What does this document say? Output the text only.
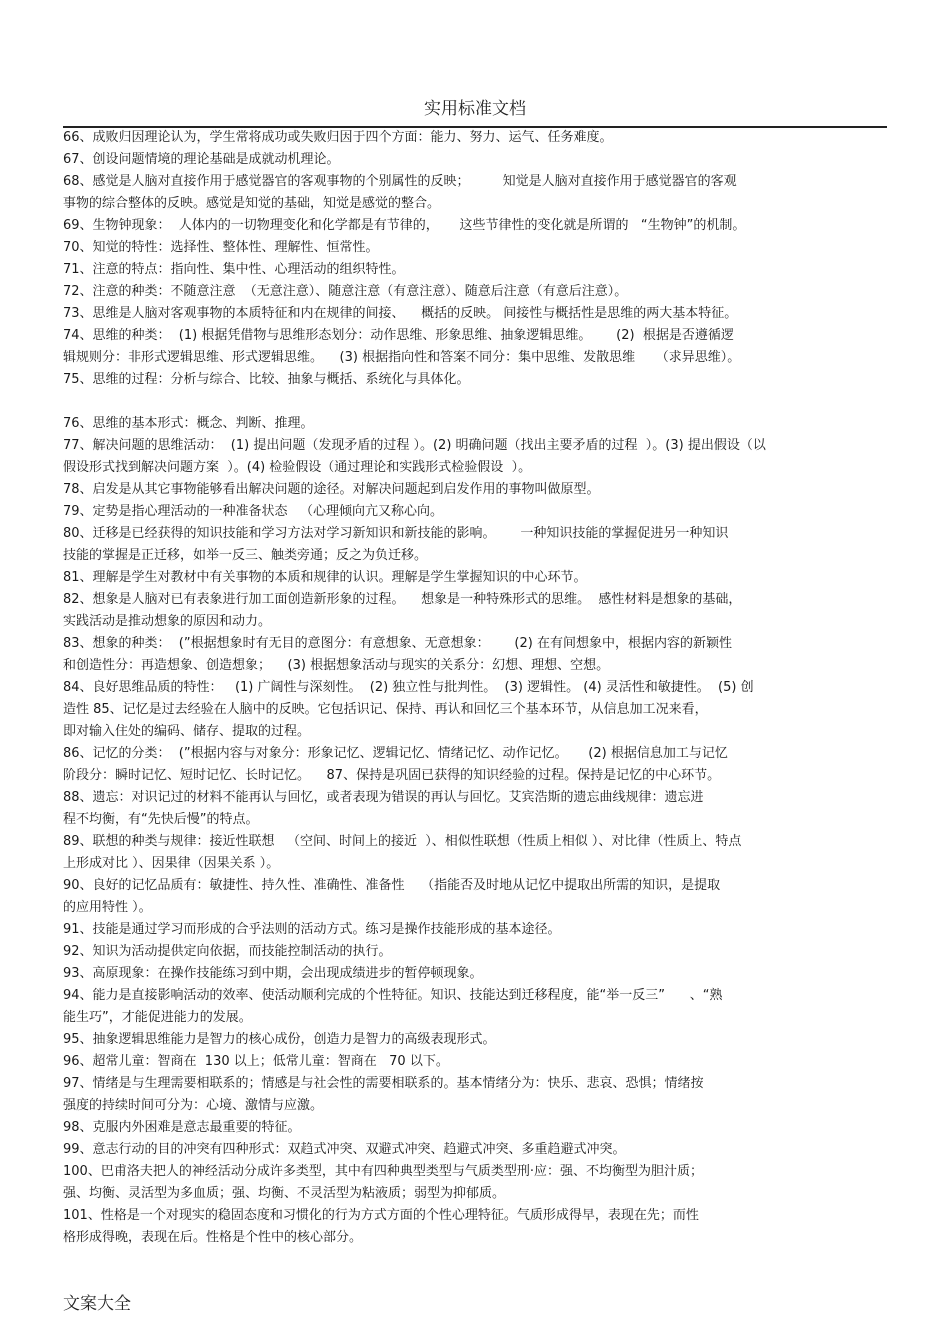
实用标准文档
66、成败归因理论认为，学生常将成功或失败归因于四个方面：能力、努力、运气、任务难度。
67、创设问题情境的理论基础是成就动机理论。
68、感觉是人脑对直接作用于感觉器官的客观事物的个别属性的反映；        知觉是人脑对直接作用于感觉器官的客观
事物的综合整体的反映。感觉是知觉的基础，知觉是感觉的整合。
69、生物钟现象：  人体内的一切物理变化和化学都是有节律的，     这些节律性的变化就是所谓的   “生物钟”的机制。
70、知觉的特性：选择性、整体性、理解性、恒常性。
71、注意的特点：指向性、集中性、心理活动的组织特性。
72、注意的种类：不随意注意  （无意注意）、随意注意（有意注意）、随意后注意（有意后注意）。
73、思维是人脑对客观事物的本质特征和内在规律的间接、    概括的反映。 间接性与概括性是思维的两大基本特征。
74、思维的种类：  (1) 根据凭借物与思维形态划分：动作思维、形象思维、抽象逻辑思维。      (2)  根据是否遵循逻
辑规则分：非形式逻辑思维、形式逻辑思维。    (3) 根据指向性和答案不同分：集中思维、发散思维     （求异思维）。
75、思维的过程：分析与综合、比较、抽象与概括、系统化与具体化。
76、思维的基本形式：概念、判断、推理。
77、解决问题的思维活动：  (1) 提出问题（发现矛盾的过程 ）。(2) 明确问题（找出主要矛盾的过程  ）。(3) 提出假设（以
假设形式找到解决问题方案  ）。(4) 检验假设（通过理论和实践形式检验假设  ）。
78、启发是从其它事物能够看出解决问题的途径。对解决问题起到启发作用的事物叫做原型。
79、定势是指心理活动的一种准备状态   （心理倾向亢又称心向。
80、迁移是已经获得的知识技能和学习方法对学习新知识和新技能的影响。      一种知识技能的掌握促进另一种知识
技能的掌握是正迁移，如举一反三、触类旁通；反之为负迁移。
81、理解是学生对教材中有关事物的本质和规律的认识。理解是学生掌握知识的中心环节。
82、想象是人脑对已有表象进行加工面创造新形象的过程。    想象是一种特殊形式的思维。  感性材料是想象的基础，
实践活动是推动想象的原因和动力。
83、想象的种类：  (”根据想象时有无目的意图分：有意想象、无意想象：      (2) 在有间想象中，根据内容的新颖性
和创造性分：再造想象、创造想象；    (3) 根据想象活动与现实的关系分：幻想、理想、空想。
84、良好思维品质的特性：   (1) 广阔性与深刻性。  (2) 独立性与批判性。  (3) 逻辑性。 (4) 灵活性和敏捷性。  (5) 创
造性 85、记忆是过去经验在人脑中的反映。它包括识记、保持、再认和回忆三个基本环节，从信息加工况来看，
即对输入住处的编码、储存、提取的过程。
86、记忆的分类：  (”根据内容与对象分：形象记忆、逻辑记忆、情绪记忆、动作记忆。     (2) 根据信息加工与记忆
阶段分：瞬时记忆、短时记忆、长时记忆。    87、保持是巩固已获得的知识经验的过程。保持是记忆的中心环节。
88、遗忘：对识记过的材料不能再认与回忆，或者表现为错误的再认与回忆。艾宾浩斯的遗忘曲线规律：遗忘进
程不均衡，有“先快后慢”的特点。
89、联想的种类与规律：接近性联想   （空间、时间上的接近  ）、相似性联想（性质上相似 ）、对比律（性质上、特点
上形成对比 ）、因果律（因果关系 ）。
90、良好的记忆品质有：敏捷性、持久性、准确性、准备性    （指能否及时地从记忆中提取出所需的知识，是提取
的应用特性 ）。
91、技能是通过学习而形成的合乎法则的活动方式。练习是操作技能形成的基本途径。
92、知识为活动提供定向依据，而技能控制活动的执行。
93、高原现象：在操作技能练习到中期，会出现成绩进步的暂停顿现象。
94、能力是直接影响活动的效率、使活动顺利完成的个性特征。知识、技能达到迁移程度，能“举一反三”      、“熟
能生巧”，才能促进能力的发展。
95、抽象逻辑思维能力是智力的核心成份，创造力是智力的高级表现形式。
96、超常儿童：智商在  130 以上；低常儿童：智商在   70 以下。
97、情绪是与生理需要相联系的；情感是与社会性的需要相联系的。基本情绪分为：快乐、悲哀、恐惧；情绪按
强度的持续时间可分为：心境、激情与应激。
98、克服内外困难是意志最重要的特征。
99、意志行动的目的冲突有四种形式：双趋式冲突、双避式冲突、趋避式冲突、多重趋避式冲突。
100、巴甫洛夫把人的神经活动分成许多类型，其中有四种典型类型与气质类型刑·应：强、不均衡型为胆汁质；
强、均衡、灵活型为多血质；强、均衡、不灵活型为粘液质；弱型为抑郁质。
101、性格是一个对现实的稳固态度和习惯化的行为方式方面的个性心理特征。气质形成得早，表现在先；而性
格形成得晚，表现在后。性格是个性中的核心部分。
文案大全
